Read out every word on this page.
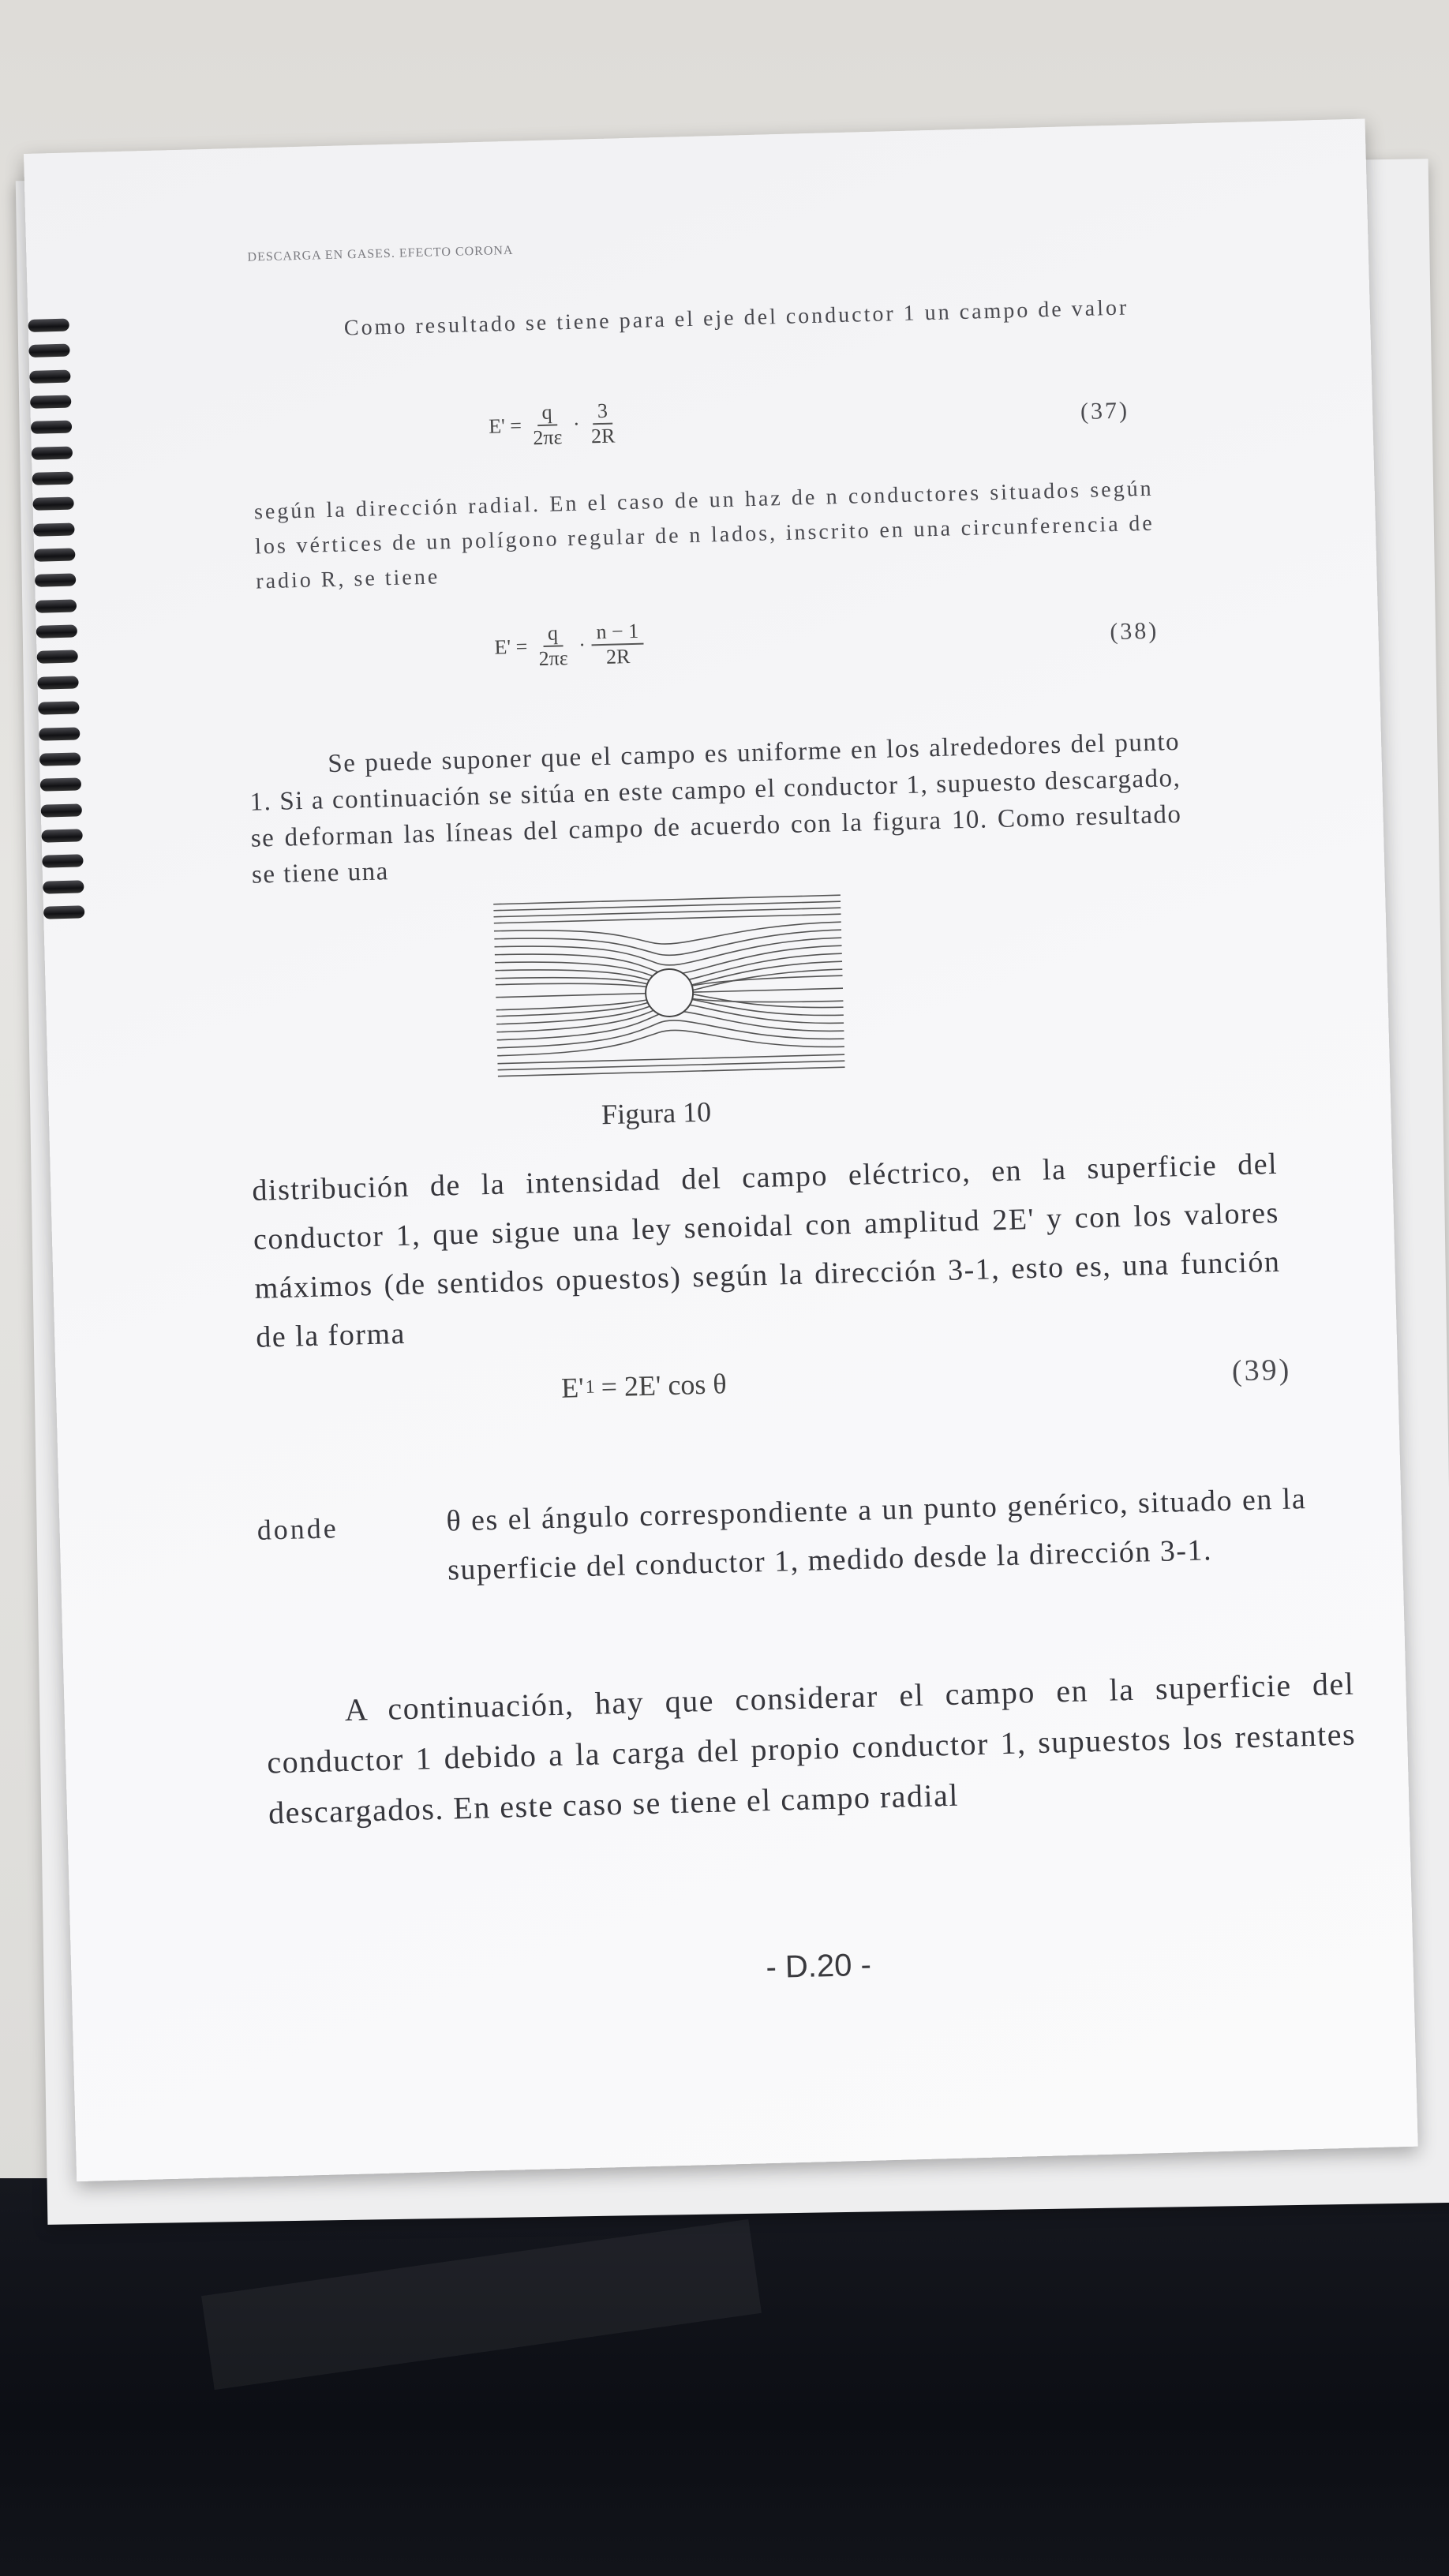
DESCARGA EN GASES. EFECTO CORONA

Como resultado se tiene para el eje del conductor 1 un campo de valor

$E' = \frac{q}{2\pi\varepsilon} \cdot \frac{3}{2R}$	(37)

según la dirección radial. En el caso de un haz de n conductores situados según los vértices de un polígono regular de n lados, inscrito en una circunferencia de radio R, se tiene

$E' = \frac{q}{2\pi\varepsilon} \cdot \frac{n - 1}{2R}$	(38)

Se puede suponer que el campo es uniforme en los alrededores del punto 1. Si a continuación se sitúa en este campo el conductor 1, supuesto descargado, se deforman las líneas del campo de acuerdo con la figura 10. Como resultado se tiene una

Figura 10

distribución de la intensidad del campo eléctrico, en la superficie del conductor 1, que sigue una ley senoidal con amplitud 2E' y con los valores máximos (de sentidos opuestos) según la dirección 3-1, esto es, una función de la forma

E' 1 = 2E' cos θ	(39)
donde	θ es el ángulo correspondiente a un punto genérico, situado en la superficie del conductor 1, medido desde la dirección 3-1.

A continuación, hay que considerar el campo en la superficie del conductor 1 debido a la carga del propio conductor 1, supuestos los restantes descargados. En este caso se tiene el campo radial

- D.20 -
